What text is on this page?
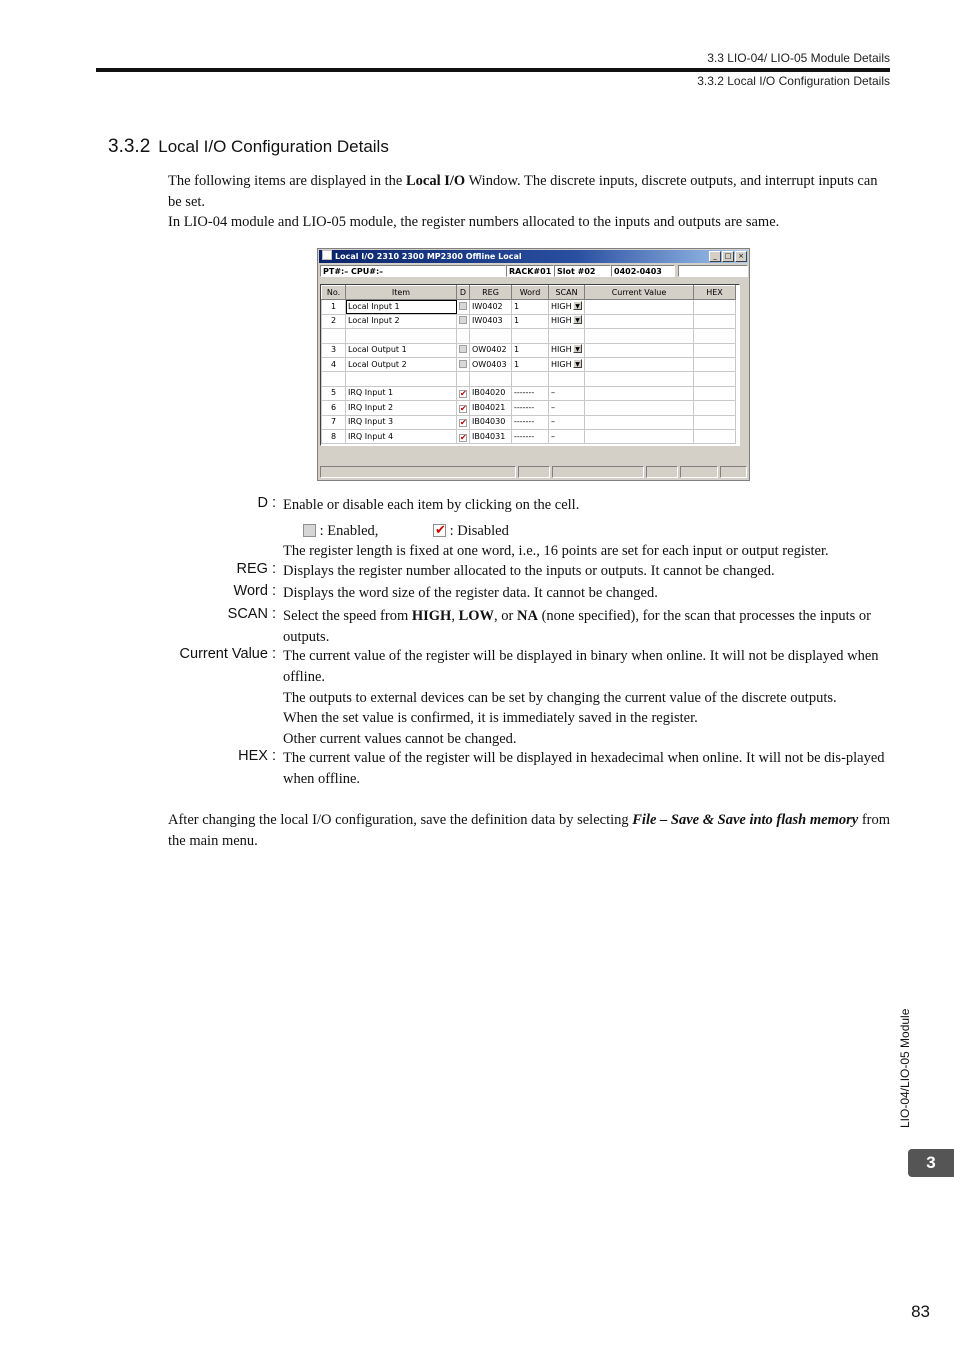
3.3 LIO-04/ LIO-05 Module Details
3.3.2 Local I/O Configuration Details
3.3.2 Local I/O Configuration Details
The following items are displayed in the Local I/O Window. The discrete inputs, discrete outputs, and interrupt inputs can be set.
In LIO-04 module and LIO-05 module, the register numbers allocated to the inputs and outputs are same.
Local I/O 2310 2300 MP2300 Offline Local	_	□ ×
PT#:– CPU#:–	RACK#01 Slot #02	0402-0403
No.	Item	D	REG	Word	SCAN	Current Value	HEX
1	Local Input 1		IW0402	1	HIGH ▼		

2	Local Input 2		IW0403	1	HIGH ▼		

3	Local Output 1		OW0402	1	HIGH ▼		

4	Local Output 2		OW0403	1	HIGH ▼		

5	IRQ Input 1	✔	IB04020	-------	–		
6	IRQ Input 2	✔	IB04021	-------	–		
7	IRQ Input 3	✔	IB04030	-------	–		
8	IRQ Input 4	✔	IB04031	-------	–		
D : Enable or disable each item by clicking on the cell.
: Enabled, ✔	: Disabled
The register length is fixed at one word, i.e., 16 points are set for each input or output register.
REG : Displays the register number allocated to the inputs or outputs. It cannot be changed.
Word : Displays the word size of the register data. It cannot be changed.
SCAN : Select the speed from HIGH, LOW, or NA (none specified), for the scan that processes the inputs or outputs.
Current Value : The current value of the register will be displayed in binary when online. It will not be displayed when offline.
The outputs to external devices can be set by changing the current value of the discrete outputs.
When the set value is confirmed, it is immediately saved in the register.
Other current values cannot be changed.
HEX : The current value of the register will be displayed in hexadecimal when online. It will not be dis-played when offline.
After changing the local I/O configuration, save the definition data by selecting File – Save & Save into flash memory from the main menu.
LIO-04/LIO-05 Module
3
83
